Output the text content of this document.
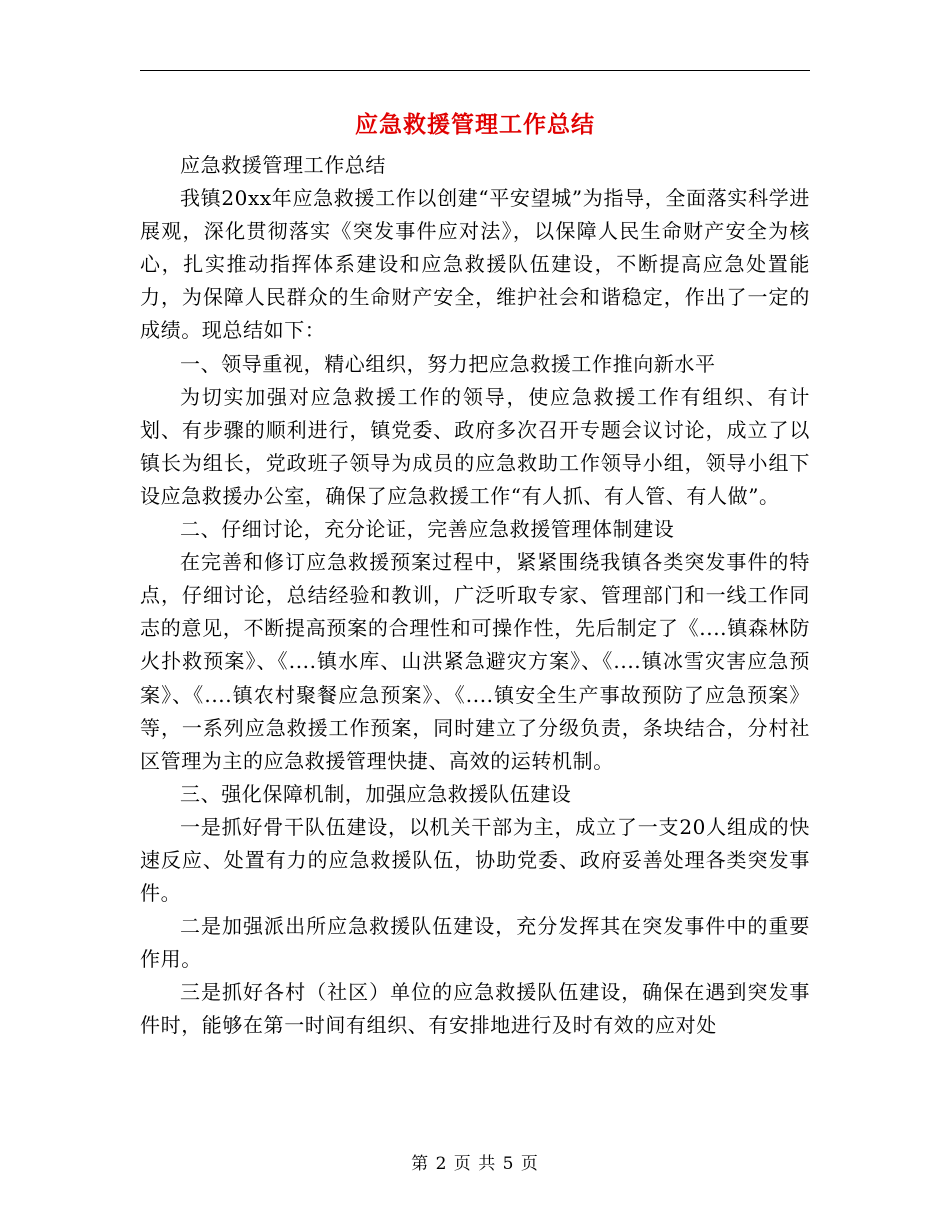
应急救援管理工作总结

应急救援管理工作总结

我镇20xx年应急救援工作以创建“平安望城”为指导，全面落实科学进展观，深化贯彻落实《突发事件应对法》，以保障人民生命财产安全为核心，扎实推动指挥体系建设和应急救援队伍建设，不断提高应急处置能力，为保障人民群众的生命财产安全，维护社会和谐稳定，作出了一定的成绩。现总结如下：

一、领导重视，精心组织，努力把应急救援工作推向新水平

为切实加强对应急救援工作的领导，使应急救援工作有组织、有计划、有步骤的顺利进行，镇党委、政府多次召开专题会议讨论，成立了以镇长为组长，党政班子领导为成员的应急救助工作领导小组，领导小组下设应急救援办公室，确保了应急救援工作“有人抓、有人管、有人做”。

二、仔细讨论，充分论证，完善应急救援管理体制建设

在完善和修订应急救援预案过程中，紧紧围绕我镇各类突发事件的特点，仔细讨论，总结经验和教训，广泛听取专家、管理部门和一线工作同志的意见，不断提高预案的合理性和可操作性，先后制定了《....镇森林防火扑救预案》、《....镇水库、山洪紧急避灾方案》、《....镇冰雪灾害应急预案》、《....镇农村聚餐应急预案》、《....镇安全生产事故预防了应急预案》等，一系列应急救援工作预案，同时建立了分级负责，条块结合，分村社区管理为主的应急救援管理快捷、高效的运转机制。

三、强化保障机制，加强应急救援队伍建设

一是抓好骨干队伍建设，以机关干部为主，成立了一支20人组成的快速反应、处置有力的应急救援队伍，协助党委、政府妥善处理各类突发事件。

二是加强派出所应急救援队伍建设，充分发挥其在突发事件中的重要作用。

三是抓好各村（社区）单位的应急救援队伍建设，确保在遇到突发事件时，能够在第一时间有组织、有安排地进行及时有效的应对处

第 2 页 共 5 页
